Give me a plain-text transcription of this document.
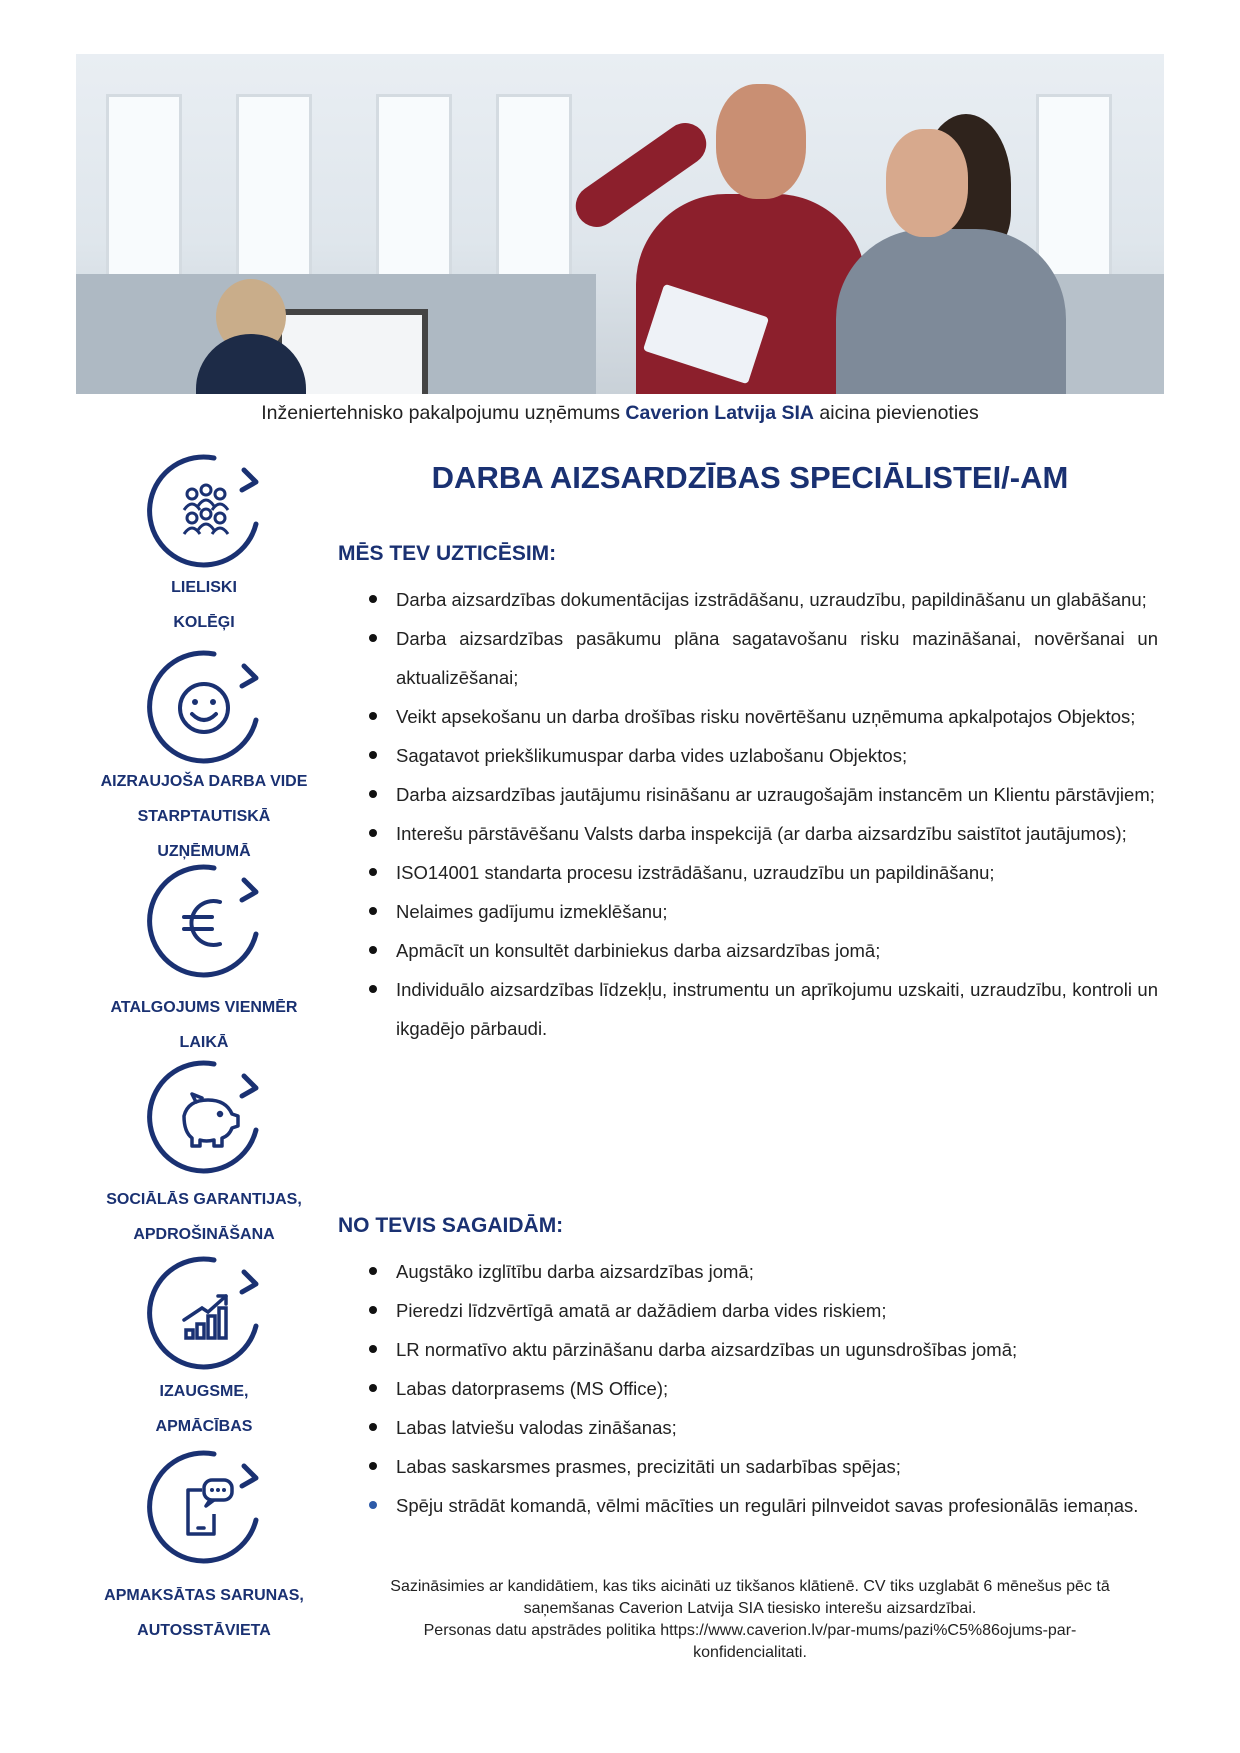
Inženiertehnisko pakalpojumu uzņēmums Caverion Latvija SIA aicina pievienoties
LIELISKI
KOLĒĢI
AIZRAUJOŠA DARBA VIDE
STARPTAUTISKĀ
UZŅĒMUMĀ
ATALGOJUMS VIENMĒR
LAIKĀ
SOCIĀLĀS GARANTIJAS,
APDROŠINĀŠANA
IZAUGSME,
APMĀCĪBAS
APMAKSĀTAS SARUNAS,
AUTOSSTĀVIETA
DARBA AIZSARDZĪBAS SPECIĀLISTEI/-AM
MĒS TEV UZTICĒSIM:
Darba aizsardzības dokumentācijas izstrādāšanu, uzraudzību, papildināšanu un glabāšanu;
Darba aizsardzības pasākumu plāna sagatavošanu risku mazināšanai, novēršanai un aktualizēšanai;
Veikt apsekošanu un darba drošības risku novērtēšanu uzņēmuma apkalpotajos Objektos;
Sagatavot priekšlikumuspar darba vides uzlabošanu Objektos;
Darba aizsardzības jautājumu risināšanu ar uzraugošajām instancēm un Klientu pārstāvjiem;
Interešu pārstāvēšanu Valsts darba inspekcijā (ar darba aizsardzību saistītot jautājumos);
ISO14001 standarta procesu izstrādāšanu, uzraudzību un papildināšanu;
Nelaimes gadījumu izmeklēšanu;
Apmācīt un konsultēt darbiniekus darba aizsardzības jomā;
Individuālo aizsardzības līdzekļu, instrumentu un aprīkojumu uzskaiti, uzraudzību, kontroli un ikgadējo pārbaudi.
NO TEVIS SAGAIDĀM:
Augstāko izglītību darba aizsardzības jomā;
Pieredzi līdzvērtīgā amatā ar dažādiem darba vides riskiem;
LR normatīvo aktu pārzināšanu darba aizsardzības un ugunsdrošības jomā;
Labas datorprasems (MS Office);
Labas latviešu valodas zināšanas;
Labas saskarsmes prasmes, precizitāti un sadarbības spējas;
Spēju strādāt komandā, vēlmi mācīties un regulāri pilnveidot savas profesionālās iemaņas.
Sazināsimies ar kandidātiem, kas tiks aicināti uz tikšanos klātienē. CV tiks uzglabāt 6 mēnešus pēc tā
saņemšanas Caverion Latvija SIA tiesisko interešu aizsardzībai.
Personas datu apstrādes politika https://www.caverion.lv/par-mums/pazi%C5%86ojums-par-
konfidencialitati.
